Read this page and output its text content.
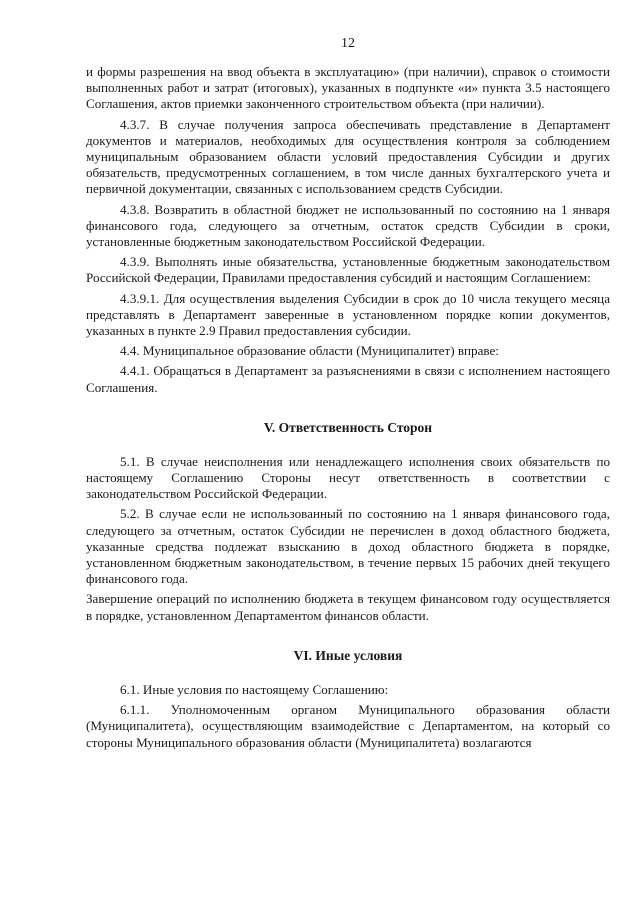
12

и формы разрешения на ввод объекта в эксплуатацию» (при наличии), справок о стоимости выполненных работ и затрат (итоговых), указанных в подпункте «и» пункта 3.5 настоящего Соглашения, актов приемки законченного строительством объекта (при наличии).

4.3.7. В случае получения запроса обеспечивать представление в Департамент документов и материалов, необходимых для осуществления контроля за соблюдением муниципальным образованием области условий предоставления Субсидии и других обязательств, предусмотренных соглашением, в том числе данных бухгалтерского учета и первичной документации, связанных с использованием средств Субсидии.

4.3.8. Возвратить в областной бюджет не использованный по состоянию на 1 января финансового года, следующего за отчетным, остаток средств Субсидии в сроки, установленные бюджетным законодательством Российской Федерации.

4.3.9. Выполнять иные обязательства, установленные бюджетным законодательством Российской Федерации, Правилами предоставления субсидий и настоящим Соглашением:

4.3.9.1. Для осуществления выделения Субсидии в срок до 10 числа текущего месяца представлять в Департамент заверенные в установленном порядке копии документов, указанных в пункте 2.9 Правил предоставления субсидии.

4.4. Муниципальное образование области (Муниципалитет) вправе:

4.4.1. Обращаться в Департамент за разъяснениями в связи с исполнением настоящего Соглашения.

V. Ответственность Сторон

5.1. В случае неисполнения или ненадлежащего исполнения своих обязательств по настоящему Соглашению Стороны несут ответственность в соответствии с законодательством Российской Федерации.

5.2. В случае если не использованный по состоянию на 1 января финансового года, следующего за отчетным, остаток Субсидии не перечислен в доход областного бюджета, указанные средства подлежат взысканию в доход областного бюджета в порядке, установленном бюджетным законодательством, в течение первых 15 рабочих дней текущего финансового года.

Завершение операций по исполнению бюджета в текущем финансовом году осуществляется в порядке, установленном Департаментом финансов области.

VI. Иные условия

6.1. Иные условия по настоящему Соглашению:

6.1.1. Уполномоченным органом Муниципального образования области (Муниципалитета), осуществляющим взаимодействие с Департаментом, на который со стороны Муниципального образования области (Муниципалитета) возлагаются
